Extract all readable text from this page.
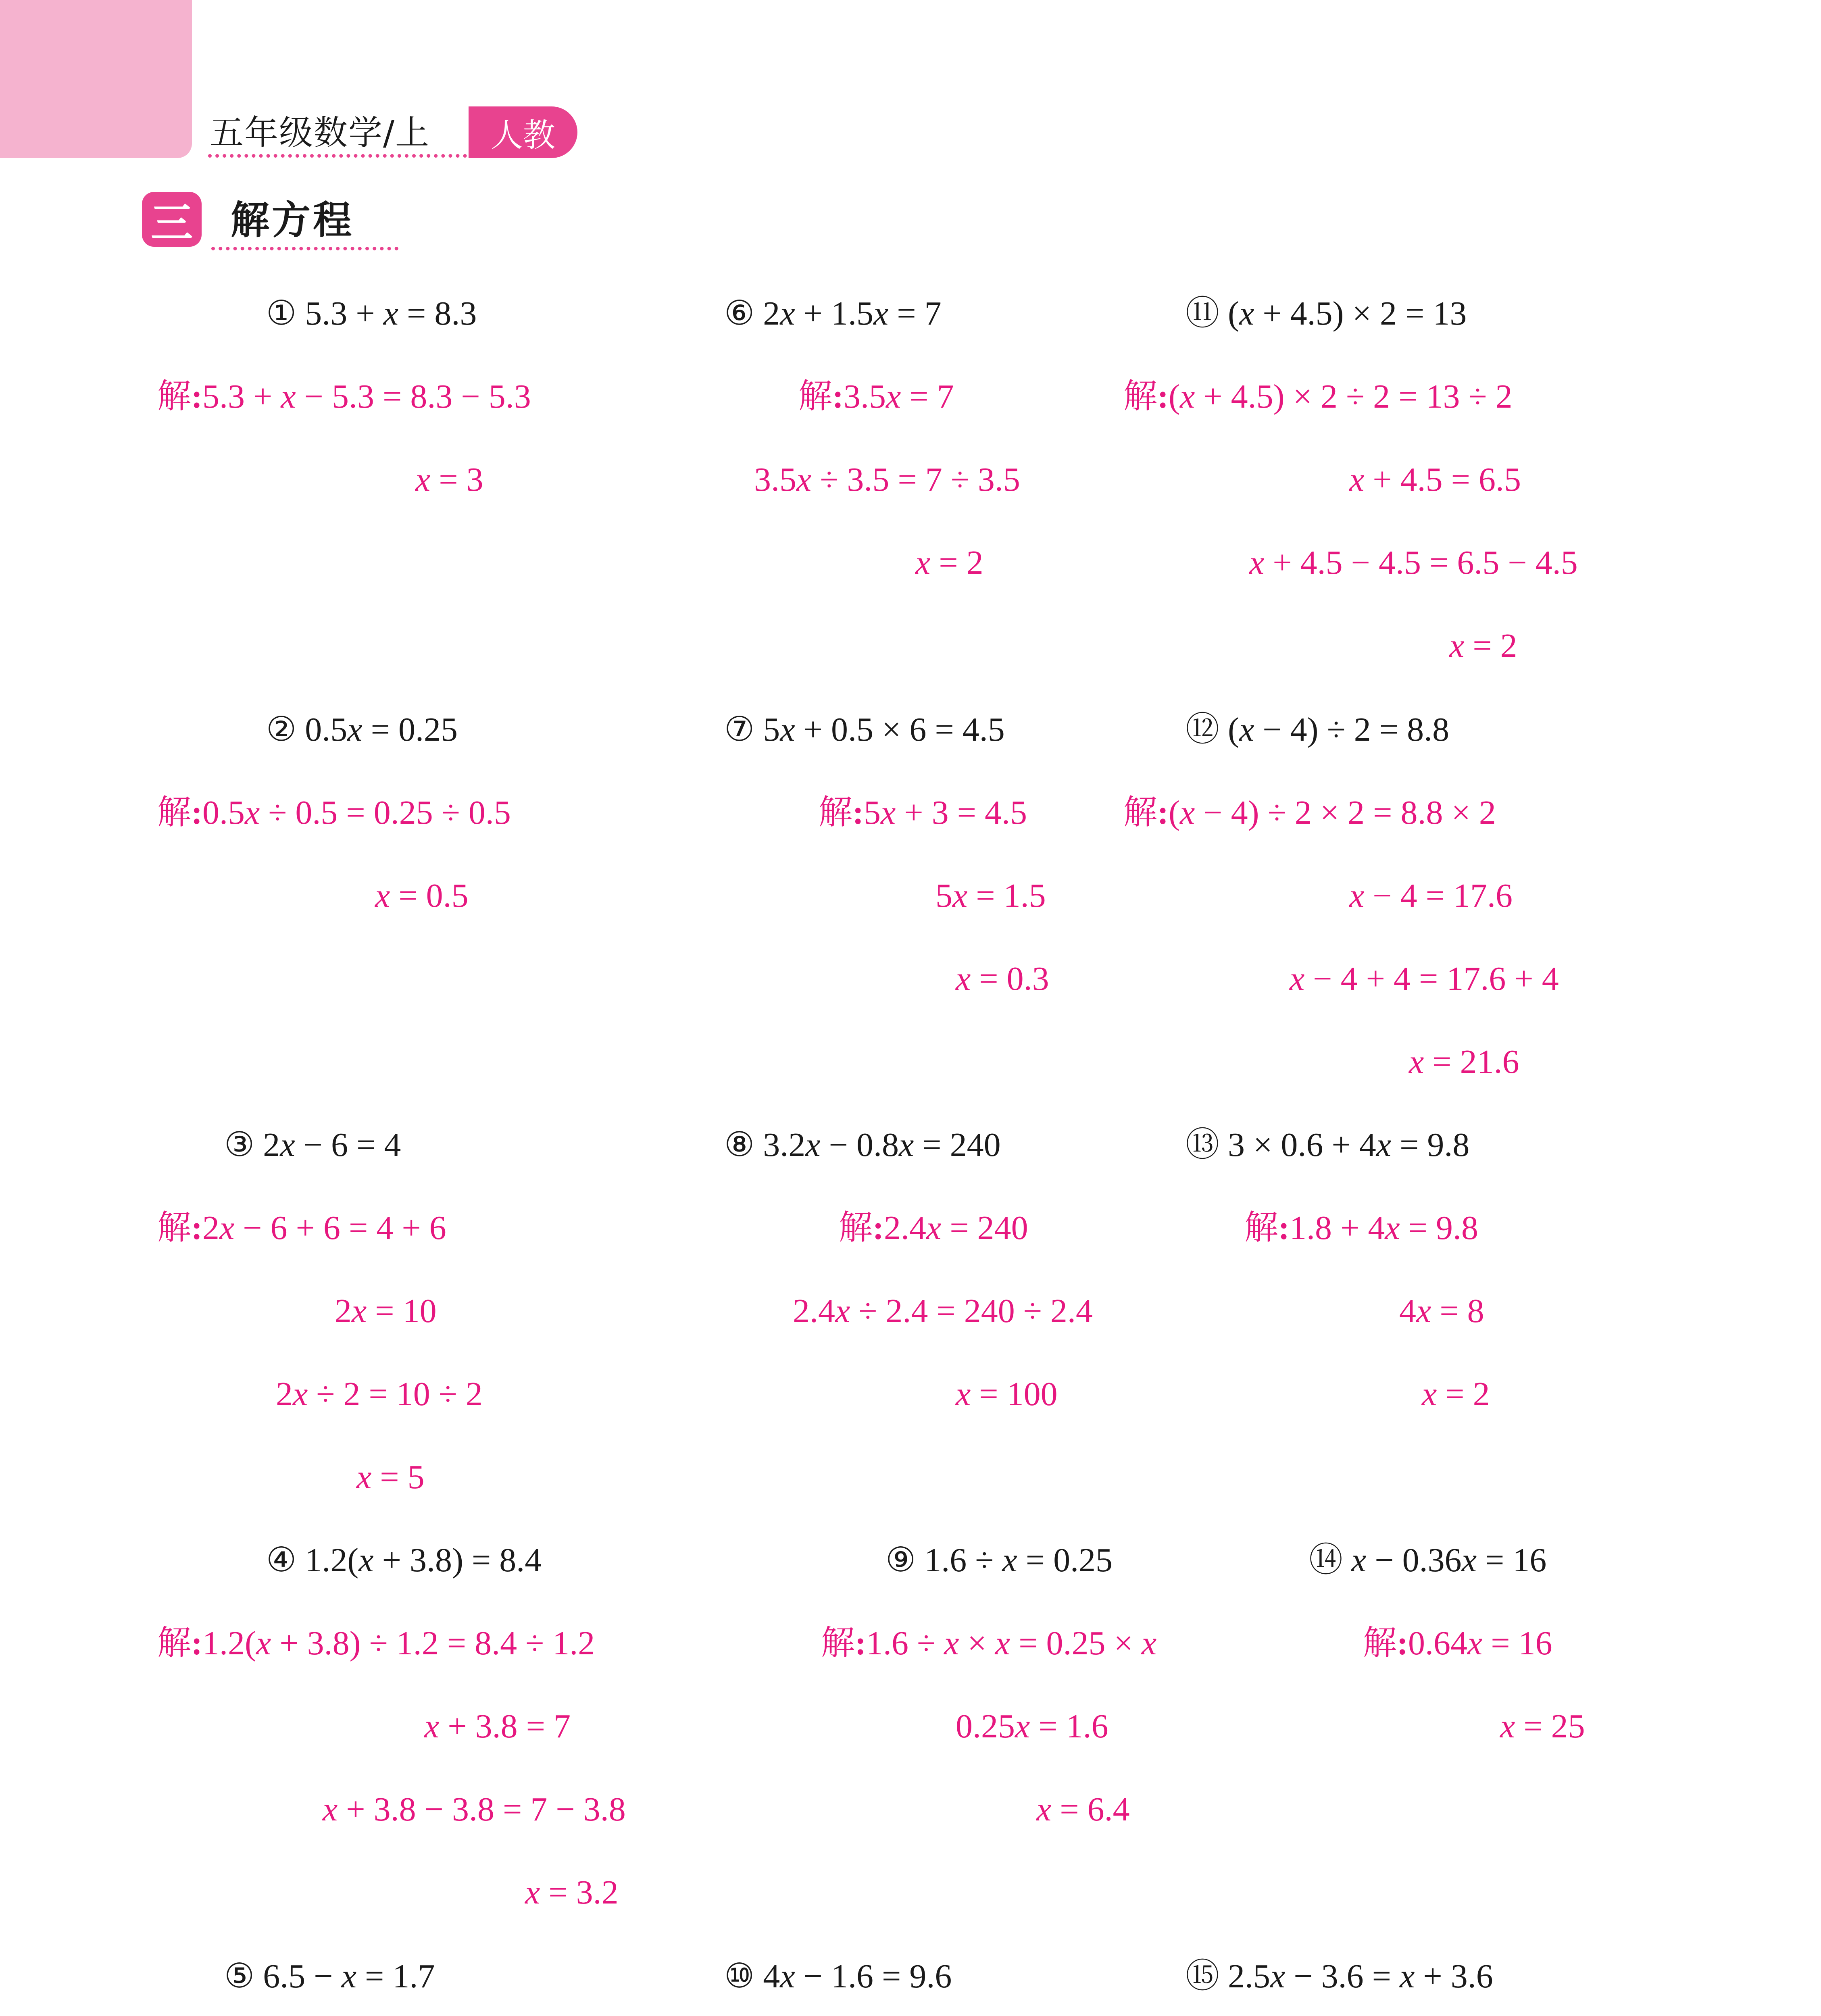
五年级数学/上	人教
三 解方程
① 5.3 + x = 8.3
解:5.3 + x − 5.3 = 8.3 − 5.3
x = 3
② 0.5x = 0.25
解:0.5x ÷ 0.5 = 0.25 ÷ 0.5
x = 0.5
③ 2x − 6 = 4
解:2x − 6 + 6 = 4 + 6
2x = 10
2x ÷ 2 = 10 ÷ 2
x = 5
④ 1.2(x + 3.8) = 8.4
解:1.2(x + 3.8) ÷ 1.2 = 8.4 ÷ 1.2
x + 3.8 = 7
x + 3.8 − 3.8 = 7 − 3.8
x = 3.2
⑤ 6.5 − x = 1.7
⑥ 2x + 1.5x = 7
解:3.5x = 7
3.5x ÷ 3.5 = 7 ÷ 3.5
x = 2
⑦ 5x + 0.5 × 6 = 4.5
解:5x + 3 = 4.5
5x = 1.5
x = 0.3
⑧ 3.2x − 0.8x = 240
解:2.4x = 240
2.4x ÷ 2.4 = 240 ÷ 2.4
x = 100
⑨ 1.6 ÷ x = 0.25
解:1.6 ÷ x × x = 0.25 × x
0.25x = 1.6
x = 6.4
⑩ 4x − 1.6 = 9.6
⑪ (x + 4.5) × 2 = 13
解:(x + 4.5) × 2 ÷ 2 = 13 ÷ 2
x + 4.5 = 6.5
x + 4.5 − 4.5 = 6.5 − 4.5
x = 2
⑫ (x − 4) ÷ 2 = 8.8
解:(x − 4) ÷ 2 × 2 = 8.8 × 2
x − 4 = 17.6
x − 4 + 4 = 17.6 + 4
x = 21.6
⑬ 3 × 0.6 + 4x = 9.8
解:1.8 + 4x = 9.8
4x = 8
x = 2
⑭ x − 0.36x = 16
解:0.64x = 16
x = 25
⑮ 2.5x − 3.6 = x + 3.6
